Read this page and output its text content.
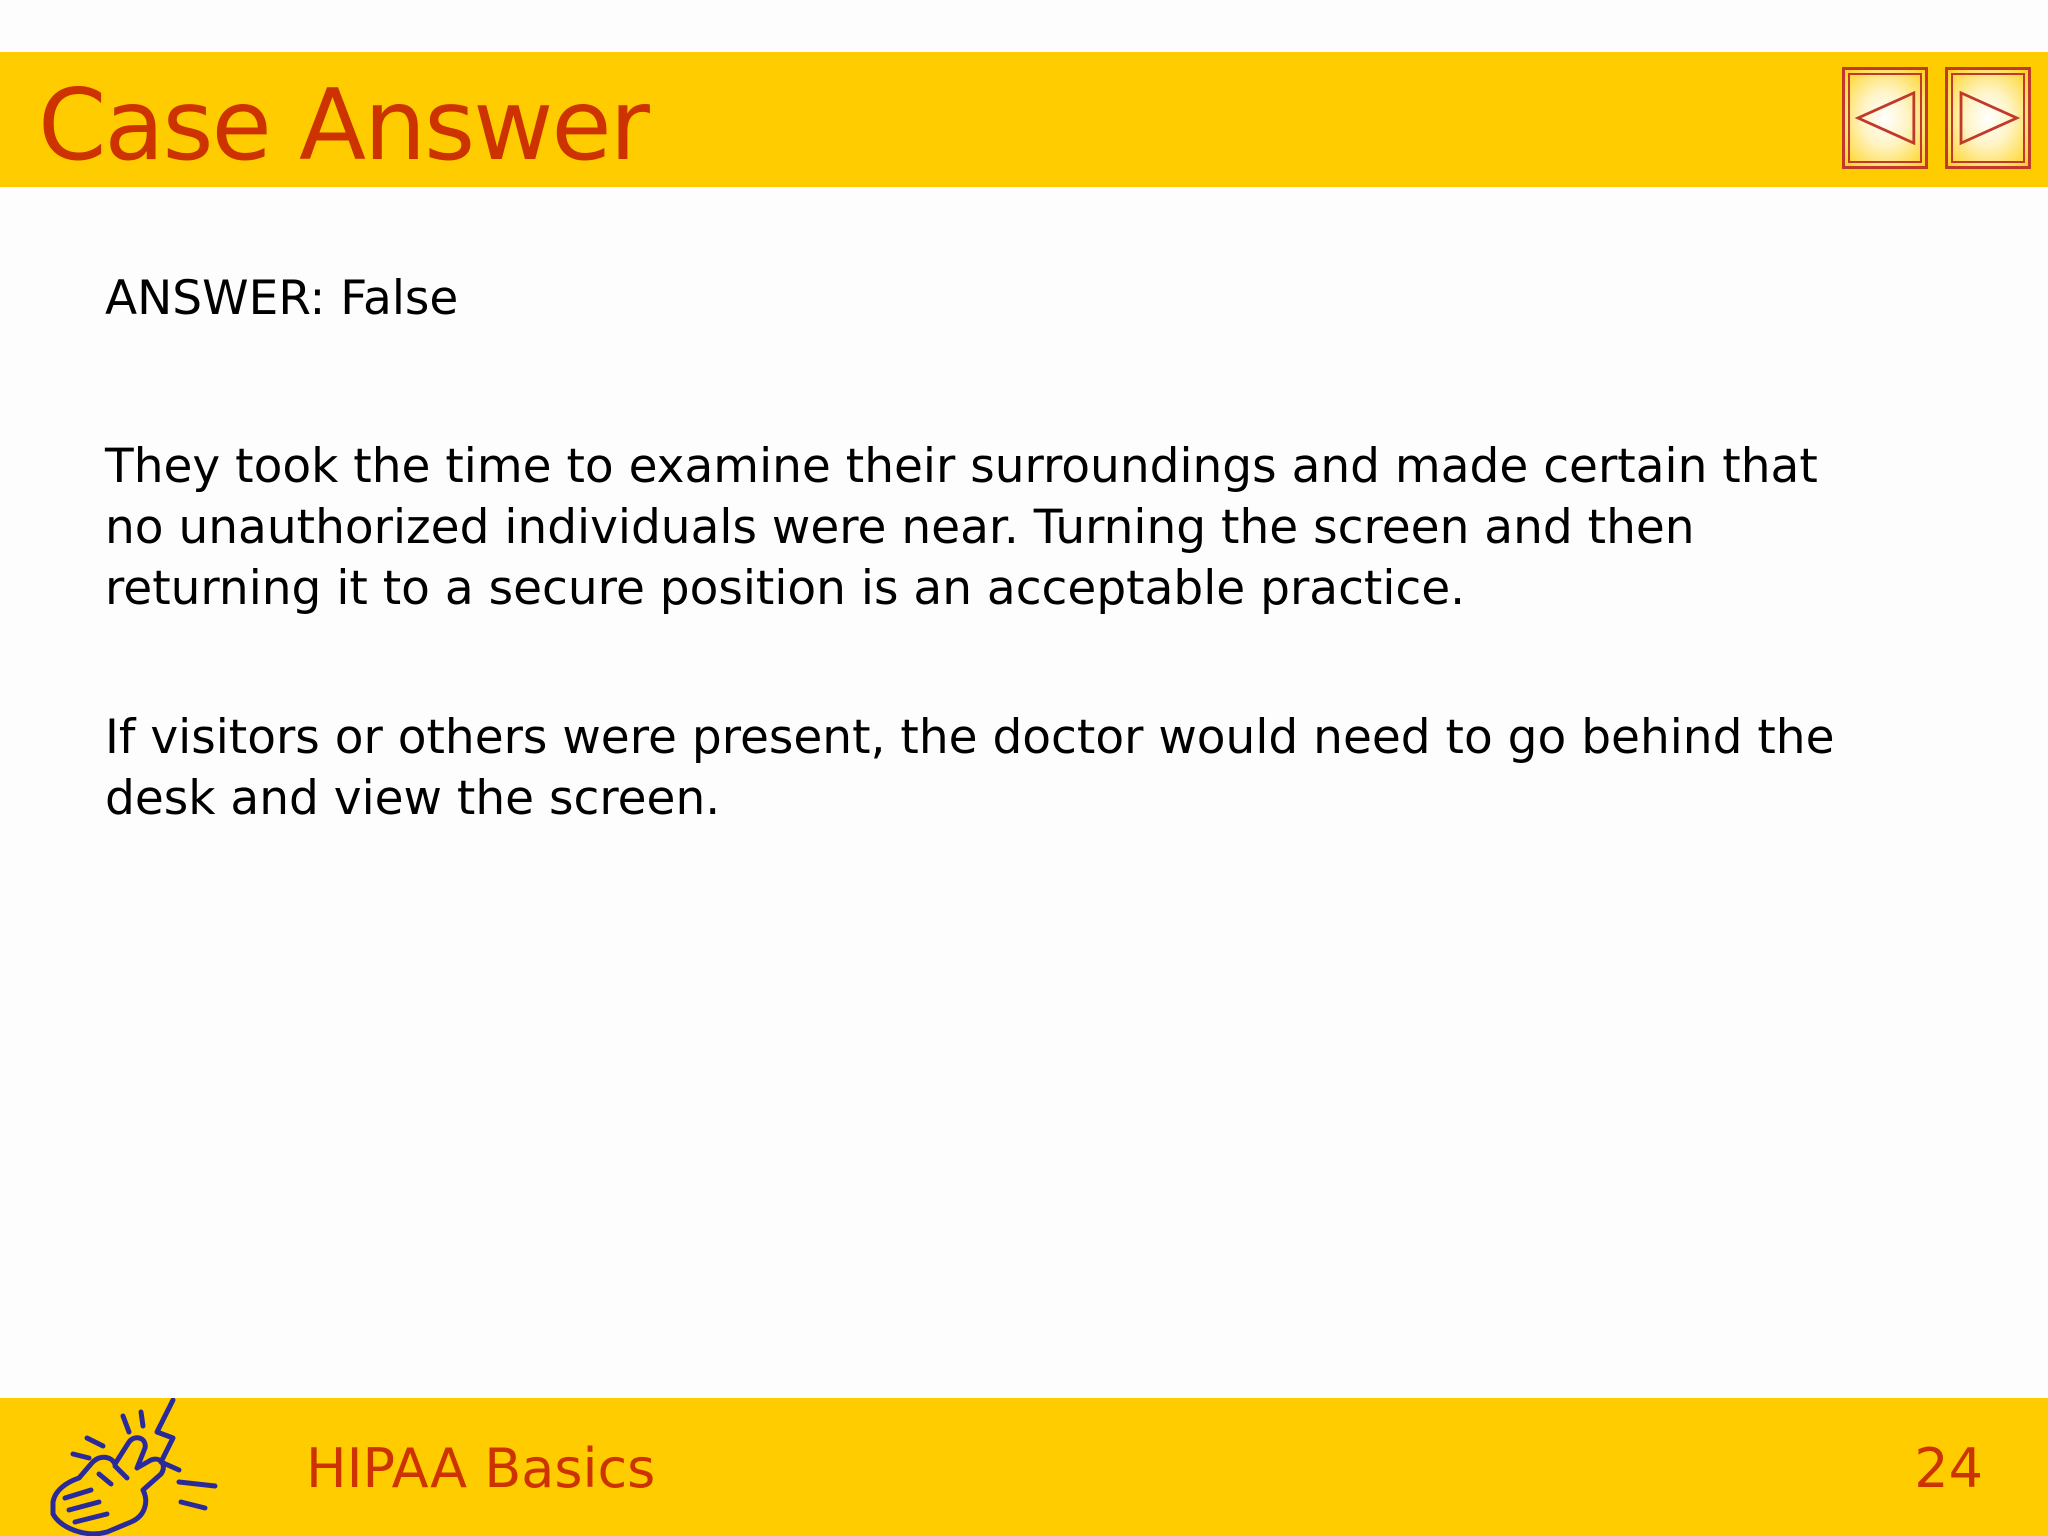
Case Answer

ANSWER: False

They took the time to examine their surroundings and made certain that no unauthorized individuals were near. Turning the screen and then returning it to a secure position is an acceptable practice.

If visitors or others were present, the doctor would need to go behind the desk and view the screen.

HIPAA Basics	24
